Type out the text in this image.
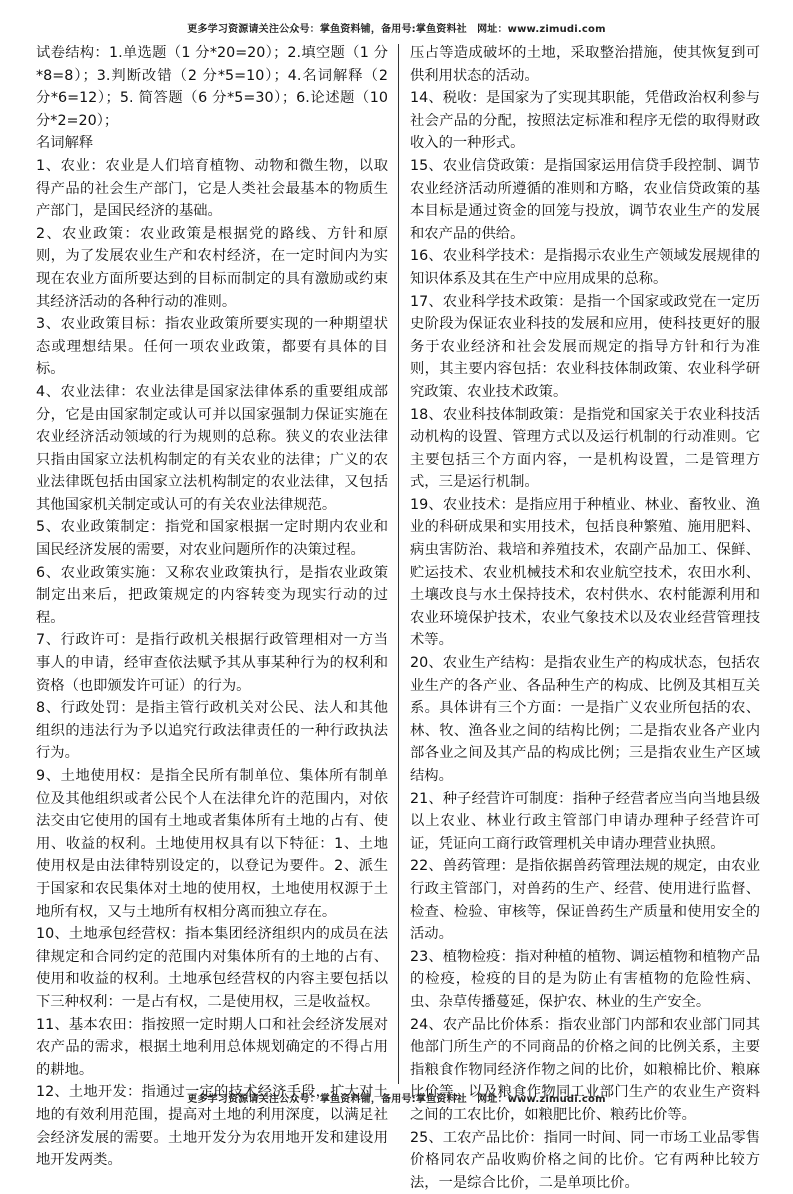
更多学习资源请关注公众号：掌鱼资料铺，备用号:掌鱼资料社　网址：www.zimudi.com

试卷结构：1.单选题（1 分*20=20）；2.填空题（1 分*8=8）；3.判断改错（2 分*5=10）；4.名词解释（2 分*6=12）；5. 简答题（6 分*5=30）；6.论述题（10 分*2=20）；

名词解释

1、农业：农业是人们培育植物、动物和微生物，以取得产品的社会生产部门，它是人类社会最基本的物质生产部门，是国民经济的基础。

2、农业政策：农业政策是根据党的路线、方针和原则，为了发展农业生产和农村经济，在一定时间内为实现在农业方面所要达到的目标而制定的具有激励或约束其经济活动的各种行动的准则。

3、农业政策目标：指农业政策所要实现的一种期望状态或理想结果。任何一项农业政策，都要有具体的目标。

4、农业法律：农业法律是国家法律体系的重要组成部分，它是由国家制定或认可并以国家强制力保证实施在农业经济活动领域的行为规则的总称。狭义的农业法律只指由国家立法机构制定的有关农业的法律；广义的农业法律既包括由国家立法机构制定的农业法律，又包括其他国家机关制定或认可的有关农业法律规范。

5、农业政策制定：指党和国家根据一定时期内农业和国民经济发展的需要，对农业问题所作的决策过程。

6、农业政策实施：又称农业政策执行，是指农业政策制定出来后，把政策规定的内容转变为现实行动的过程。

7、行政许可：是指行政机关根据行政管理相对一方当事人的申请，经审查依法赋予其从事某种行为的权利和资格（也即颁发许可证）的行为。

8、行政处罚：是指主管行政机关对公民、法人和其他组织的违法行为予以追究行政法律责任的一种行政执法行为。

9、土地使用权：是指全民所有制单位、集体所有制单位及其他组织或者公民个人在法律允许的范围内，对依法交由它使用的国有土地或者集体所有土地的占有、使用、收益的权利。土地使用权具有以下特征：1、土地使用权是由法律特别设定的，以登记为要件。2、派生于国家和农民集体对土地的使用权，土地使用权源于土地所有权，又与土地所有权相分离而独立存在。

10、土地承包经营权：指本集团经济组织内的成员在法律规定和合同约定的范围内对集体所有的土地的占有、使用和收益的权利。土地承包经营权的内容主要包括以下三种权利：一是占有权，二是使用权，三是收益权。

11、基本农田：指按照一定时期人口和社会经济发展对农产品的需求，根据土地利用总体规划确定的不得占用的耕地。

12、土地开发：指通过一定的技术经济手段，扩大对土地的有效利用范围，提高对土地的利用深度，以满足社会经济发展的需要。土地开发分为农用地开发和建设用地开发两类。

压占等造成破坏的土地，采取整治措施，使其恢复到可供利用状态的活动。

14、税收：是国家为了实现其职能，凭借政治权利参与社会产品的分配，按照法定标准和程序无偿的取得财政收入的一种形式。

15、农业信贷政策：是指国家运用信贷手段控制、调节农业经济活动所遵循的准则和方略，农业信贷政策的基本目标是通过资金的回笼与投放，调节农业生产的发展和农产品的供给。

16、农业科学技术：是指揭示农业生产领域发展规律的知识体系及其在生产中应用成果的总称。

17、农业科学技术政策：是指一个国家或政党在一定历史阶段为保证农业科技的发展和应用，使科技更好的服务于农业经济和社会发展而规定的指导方针和行为准则，其主要内容包括：农业科技体制政策、农业科学研究政策、农业技术政策。

18、农业科技体制政策：是指党和国家关于农业科技活动机构的设置、管理方式以及运行机制的行动准则。它主要包括三个方面内容，一是机构设置，二是管理方式，三是运行机制。

19、农业技术：是指应用于种植业、林业、畜牧业、渔业的科研成果和实用技术，包括良种繁殖、施用肥料、病虫害防治、栽培和养殖技术，农副产品加工、保鲜、贮运技术、农业机械技术和农业航空技术，农田水利、土壤改良与水土保持技术，农村供水、农村能源利用和农业环境保护技术，农业气象技术以及农业经营管理技术等。

20、农业生产结构：是指农业生产的构成状态，包括农业生产的各产业、各品种生产的构成、比例及其相互关系。具体讲有三个方面：一是指广义农业所包括的农、林、牧、渔各业之间的结构比例；二是指农业各产业内部各业之间及其产品的构成比例；三是指农业生产区域结构。

21、种子经营许可制度：指种子经营者应当向当地县级以上农业、林业行政主管部门申请办理种子经营许可证，凭证向工商行政管理机关申请办理营业执照。

22、兽药管理：是指依据兽药管理法规的规定，由农业行政主管部门，对兽药的生产、经营、使用进行监督、检查、检验、审核等，保证兽药生产质量和使用安全的活动。

23、植物检疫：指对种植的植物、调运植物和植物产品的检疫，检疫的目的是为防止有害植物的危险性病、虫、杂草传播蔓延，保护农、林业的生产安全。

24、农产品比价体系：指农业部门内部和农业部门同其他部门所生产的不同商品的价格之间的比例关系，主要指粮食作物同经济作物之间的比价，如粮棉比价、粮麻比价等，以及粮食作物同工业部门生产的农业生产资料之间的工农比价，如粮肥比价、粮药比价等。

25、工农产品比价：指同一时间、同一市场工业品零售价格同农产品收购价格之间的比价。它有两种比较方法，一是综合比价，二是单项比价。

更多学习资源请关注公众号：掌鱼资料铺，备用号:掌鱼资料社　网址：www.zimudi.com
